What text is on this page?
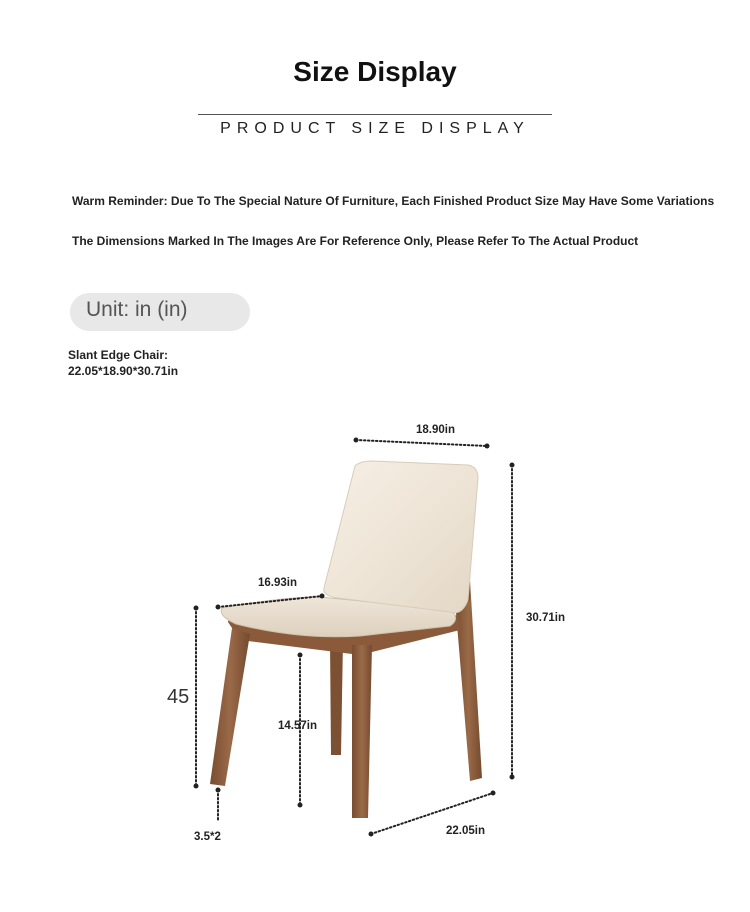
Size Display
PRODUCT SIZE DISPLAY
Warm Reminder: Due To The Special Nature Of Furniture, Each Finished Product Size May Have Some Variations
The Dimensions Marked In The Images Are For Reference Only, Please Refer To The Actual Product
Unit: in (in)
Slant Edge Chair:
22.05*18.90*30.71in
18.90in
16.93in
30.71in
14.57in
3.5*2	22.05in
45
